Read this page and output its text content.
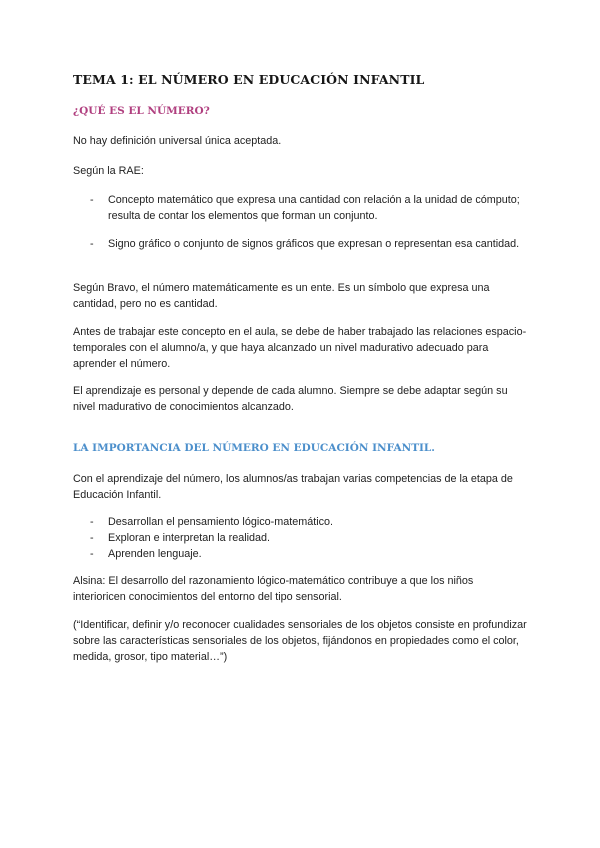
TEMA 1: EL NÚMERO EN EDUCACIÓN INFANTIL
¿QUÉ ES EL NÚMERO?

No hay definición universal única aceptada.

Según la RAE:

- Concepto matemático que expresa una cantidad con relación a la unidad de cómputo; resulta de contar los elementos que forman un conjunto.
- Signo gráfico o conjunto de signos gráficos que expresan o representan esa cantidad.

Según Bravo, el número matemáticamente es un ente. Es un símbolo que expresa una cantidad, pero no es cantidad.

Antes de trabajar este concepto en el aula, se debe de haber trabajado las relaciones espacio-temporales con el alumno/a, y que haya alcanzado un nivel madurativo adecuado para aprender el número.

El aprendizaje es personal y depende de cada alumno. Siempre se debe adaptar según su nivel madurativo de conocimientos alcanzado.

LA IMPORTANCIA DEL NÚMERO EN EDUCACIÓN INFANTIL.

Con el aprendizaje del número, los alumnos/as trabajan varias competencias de la etapa de Educación Infantil.

- Desarrollan el pensamiento lógico-matemático.
- Exploran e interpretan la realidad.
- Aprenden lenguaje.

Alsina: El desarrollo del razonamiento lógico-matemático contribuye a que los niños interioricen conocimientos del entorno del tipo sensorial.

(“Identificar, definir y/o reconocer cualidades sensoriales de los objetos consiste en profundizar sobre las características sensoriales de los objetos, fijándonos en propiedades como el color, medida, grosor, tipo material…”)
